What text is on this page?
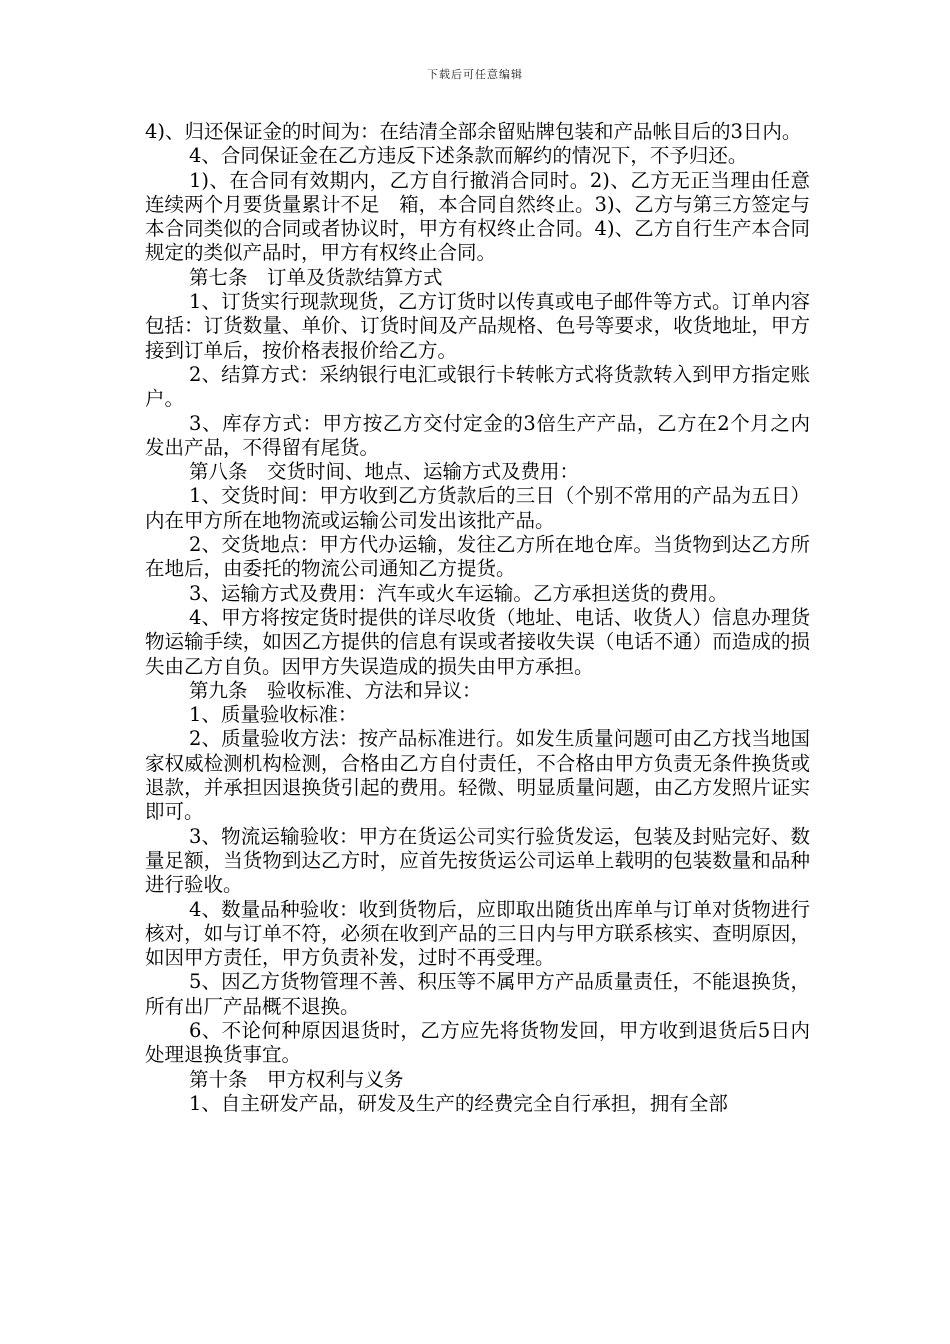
下载后可任意编辑

4)、归还保证金的时间为：在结清全部余留贴牌包装和产品帐目后的3日内。

4、合同保证金在乙方违反下述条款而解约的情况下，不予归还。

1)、在合同有效期内，乙方自行撤消合同时。2)、乙方无正当理由任意连续两个月要货量累计不足　箱，本合同自然终止。3)、乙方与第三方签定与本合同类似的合同或者协议时，甲方有权终止合同。4)、乙方自行生产本合同规定的类似产品时，甲方有权终止合同。

第七条　订单及货款结算方式

1、订货实行现款现货，乙方订货时以传真或电子邮件等方式。订单内容包括：订货数量、单价、订货时间及产品规格、色号等要求，收货地址，甲方接到订单后，按价格表报价给乙方。

2、结算方式：采纳银行电汇或银行卡转帐方式将货款转入到甲方指定账户。

3、库存方式：甲方按乙方交付定金的3倍生产产品，乙方在2个月之内发出产品，不得留有尾货。

第八条　交货时间、地点、运输方式及费用：

1、交货时间：甲方收到乙方货款后的三日（个别不常用的产品为五日）内在甲方所在地物流或运输公司发出该批产品。

2、交货地点：甲方代办运输，发往乙方所在地仓库。当货物到达乙方所在地后，由委托的物流公司通知乙方提货。

3、运输方式及费用：汽车或火车运输。乙方承担送货的费用。

4、甲方将按定货时提供的详尽收货（地址、电话、收货人）信息办理货物运输手续，如因乙方提供的信息有误或者接收失误（电话不通）而造成的损失由乙方自负。因甲方失误造成的损失由甲方承担。

第九条　验收标准、方法和异议：

1、质量验收标准：

2、质量验收方法：按产品标准进行。如发生质量问题可由乙方找当地国家权威检测机构检测，合格由乙方自付责任，不合格由甲方负责无条件换货或退款，并承担因退换货引起的费用。轻微、明显质量问题，由乙方发照片证实即可。

3、物流运输验收：甲方在货运公司实行验货发运，包装及封贴完好、数量足额，当货物到达乙方时，应首先按货运公司运单上载明的包装数量和品种进行验收。

4、数量品种验收：收到货物后，应即取出随货出库单与订单对货物进行核对，如与订单不符，必须在收到产品的三日内与甲方联系核实、查明原因，如因甲方责任，甲方负责补发，过时不再受理。

5、因乙方货物管理不善、积压等不属甲方产品质量责任，不能退换货，所有出厂产品概不退换。

6、不论何种原因退货时，乙方应先将货物发回，甲方收到退货后5日内处理退换货事宜。

第十条　甲方权利与义务

1、自主研发产品，研发及生产的经费完全自行承担，拥有全部
